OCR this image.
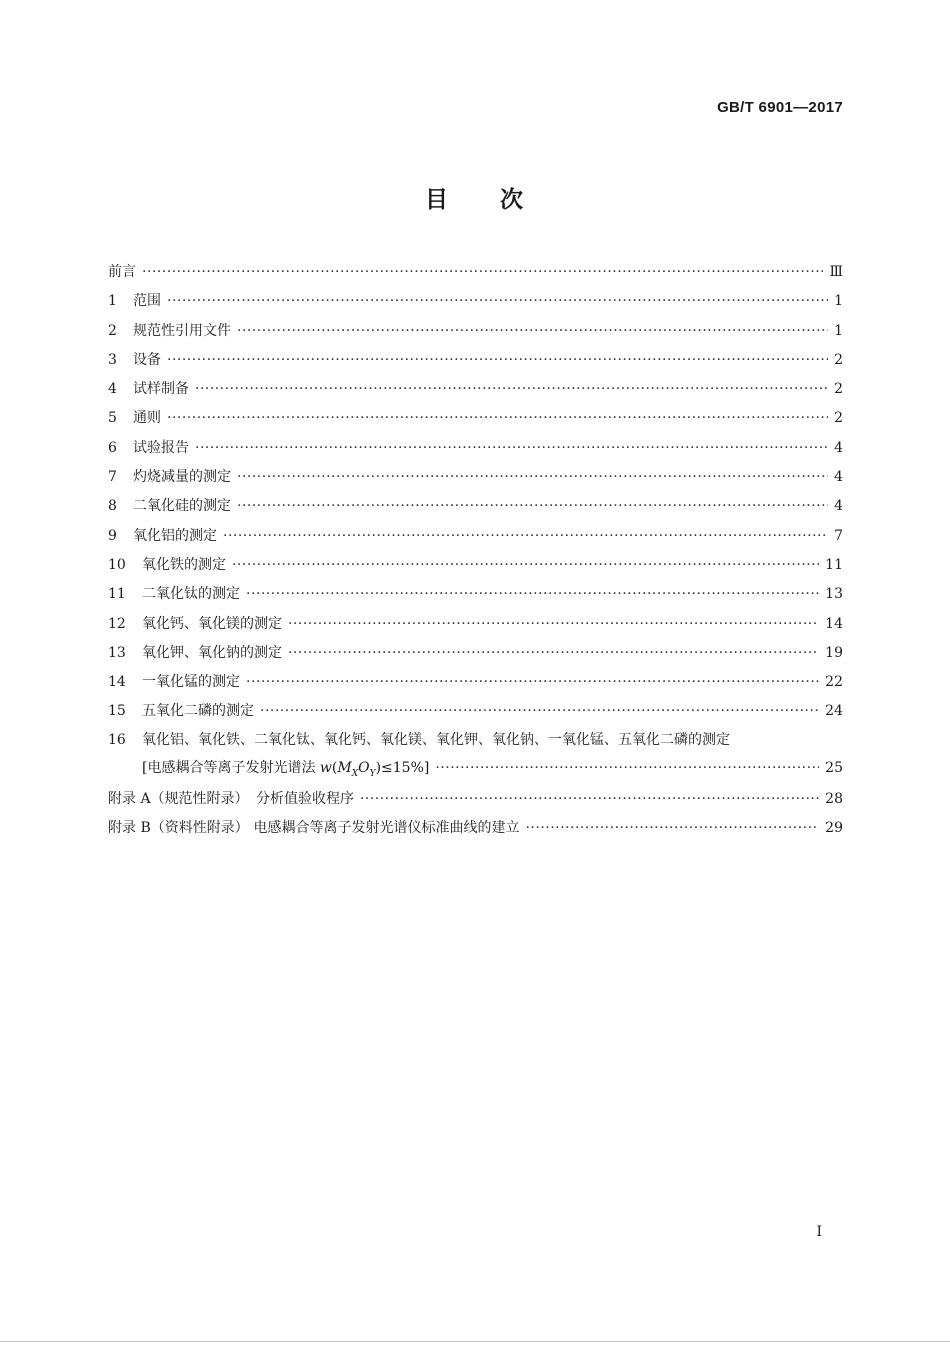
GB/T 6901—2017
目 次
前言 ·····	Ⅲ
1	范围 ·····	1
2	规范性引用文件 ·····	1
3	设备 ·····	2
4	试样制备 ·····	2
5	通则 ·····	2
6	试验报告 ·····	4
7	灼烧减量的测定 ·····	4
8	二氧化硅的测定 ·····	4
9	氧化铝的测定 ·····	7
10	氧化铁的测定 ·····	11
11	二氧化钛的测定 ·····	13
12	氧化钙、氧化镁的测定 ·····	14
13	氧化钾、氧化钠的测定 ·····	19
14	一氧化锰的测定 ·····	22
15	五氧化二磷的测定 ·····	24
16	氧化铝、氧化铁、二氧化钛、氧化钙、氧化镁、氧化钾、氧化钠、一氧化锰、五氧化二磷的测定
[电感耦合等离子发射光谱法 $w(M_XO_Y)\le 15\%$] ·····	25
附录 A（规范性附录） 分析值验收程序 ·····	28
附录 B（资料性附录） 电感耦合等离子发射光谱仪标准曲线的建立 ·····	29
I
